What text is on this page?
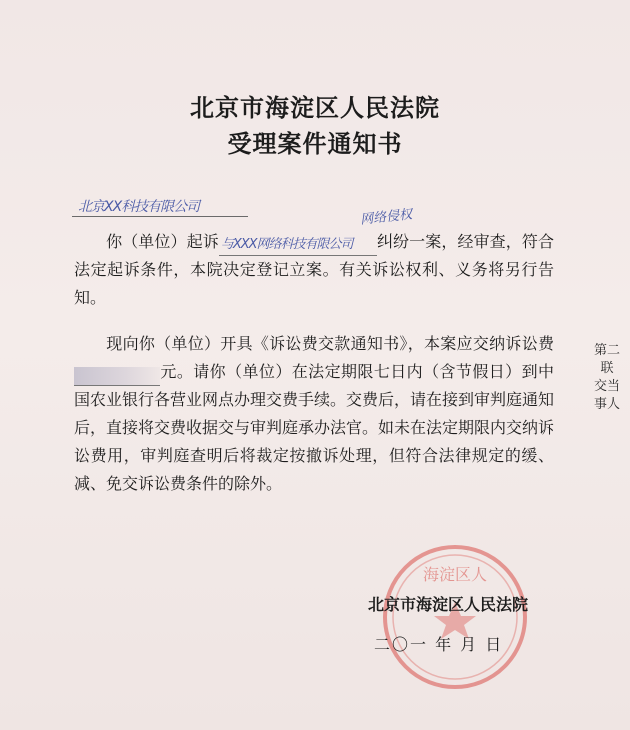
北京市海淀区人民法院
受理案件通知书
北京XX科技有限公司
网络侵权
  你（单位）起诉 与XXX网络科技有限公司 纠纷一案，经审查，符合法定起诉条件，本院决定登记立案。有关诉讼权利、义务将另行告知。
  现向你（单位）开具《诉讼费交款通知书》，本案应交纳诉讼费元。请你（单位）在法定期限七日内（含节假日）到中国农业银行各营业网点办理交费手续。交费后，请在接到审判庭通知后，直接将交费收据交与审判庭承办法官。如未在法定期限内交纳诉讼费用，审判庭查明后将裁定按撤诉处理，但符合法律规定的缓、减、免交诉讼费条件的除外。
第二联 交当事人
海淀区人
北京市海淀区人民法院
二〇一 年 月 日
